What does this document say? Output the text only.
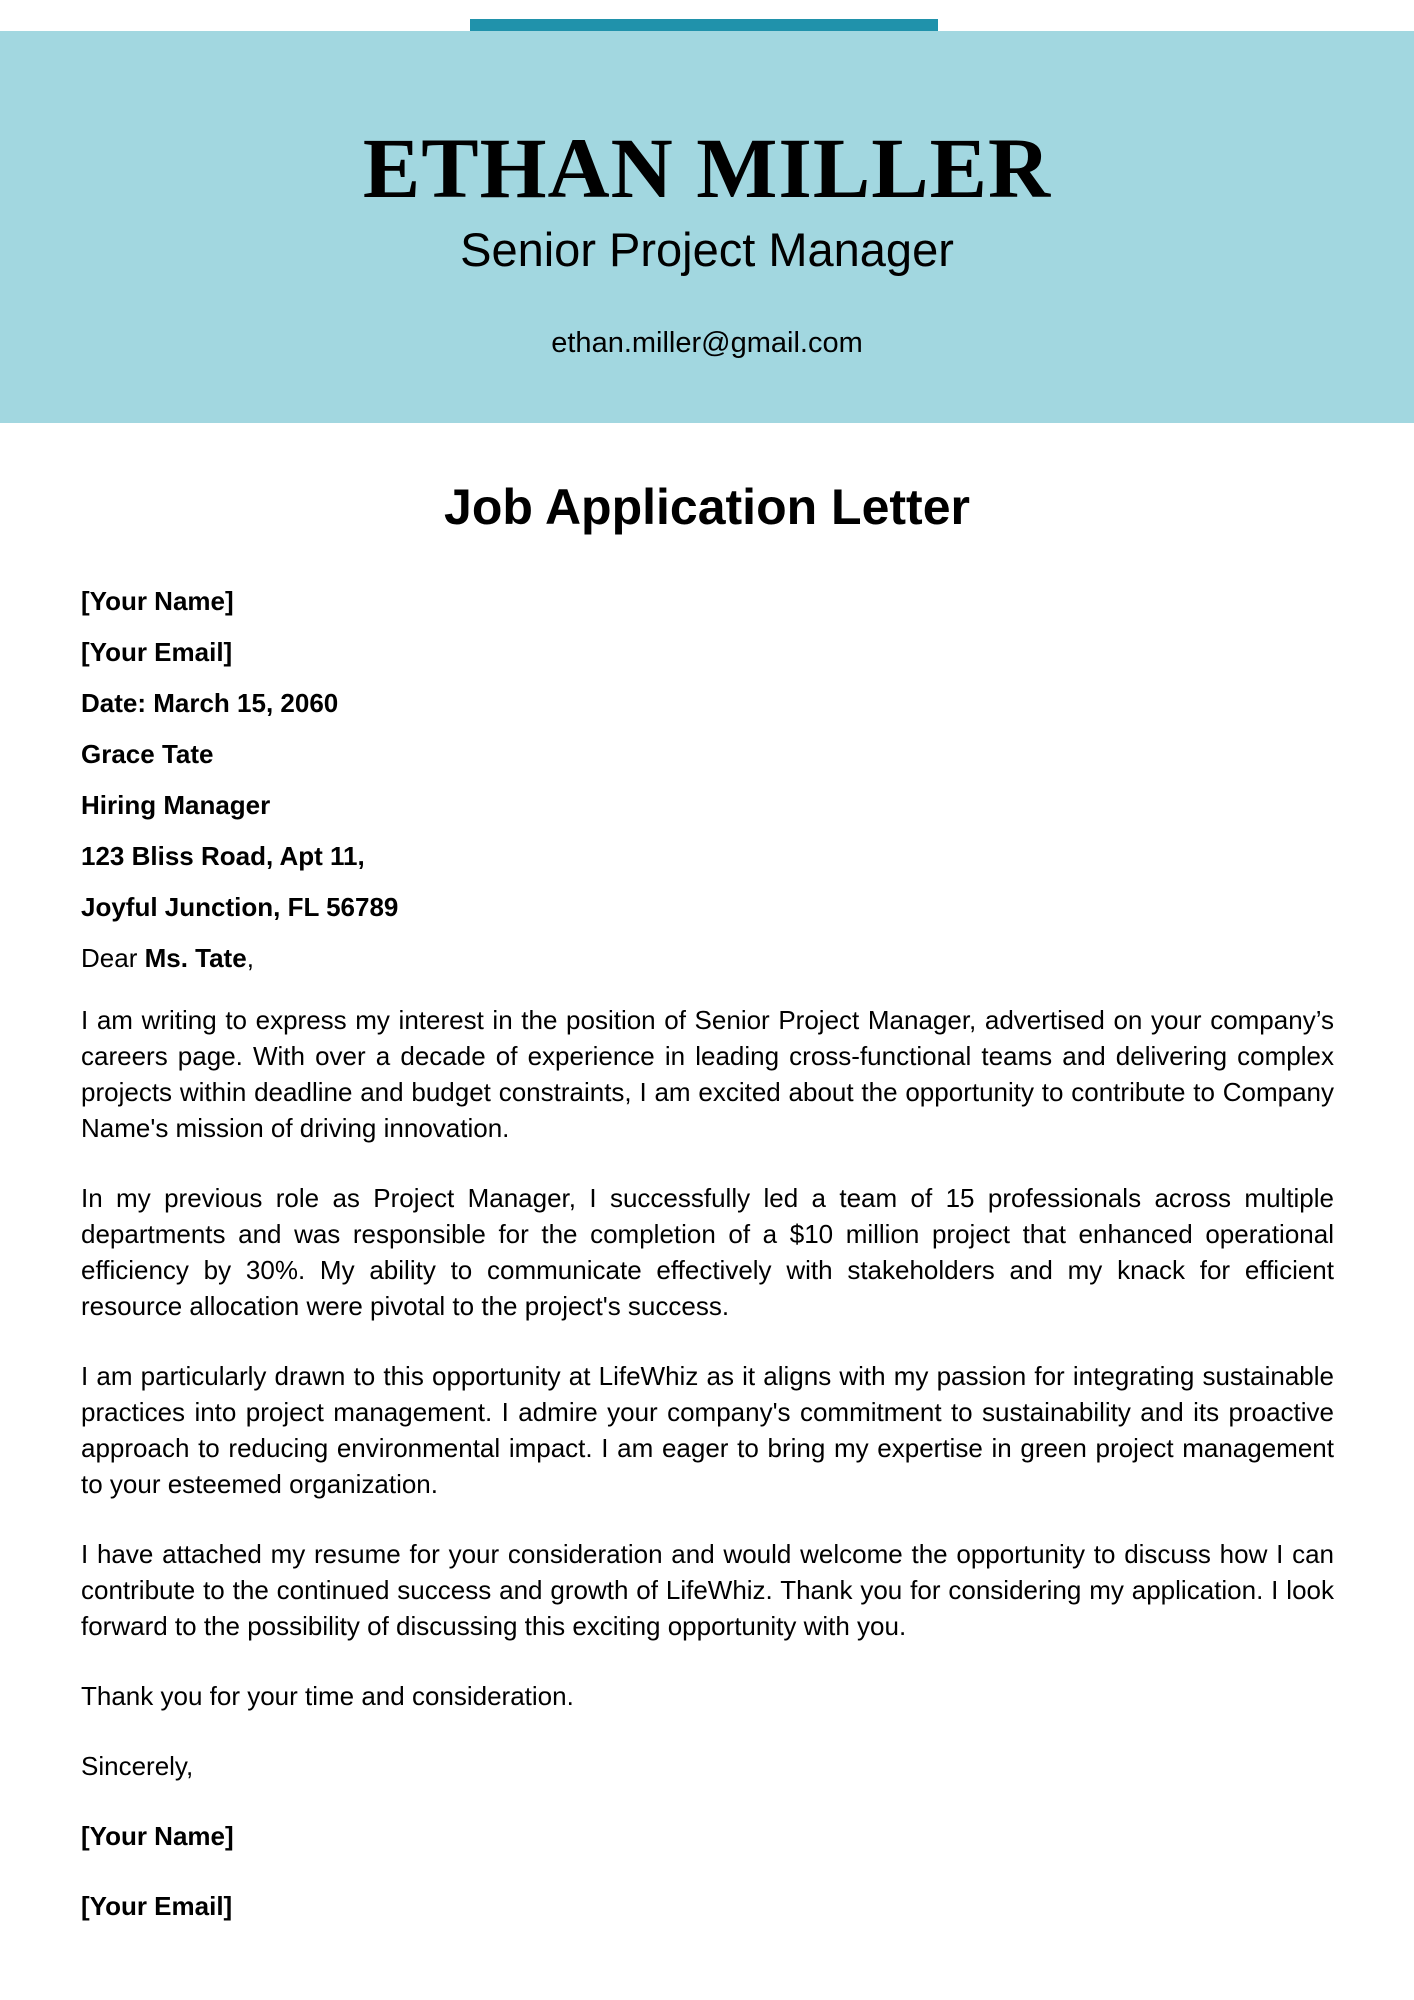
ETHAN MILLER
Senior Project Manager
ethan.miller@gmail.com
Job Application Letter
[Your Name]
[Your Email]
Date: March 15, 2060
Grace Tate
Hiring Manager
123 Bliss Road, Apt 11,
Joyful Junction, FL 56789
Dear Ms. Tate,

I am writing to express my interest in the position of Senior Project Manager, advertised on your company’s careers page. With over a decade of experience in leading cross-functional teams and delivering complex projects within deadline and budget constraints, I am excited about the opportunity to contribute to Company Name's mission of driving innovation.

In my previous role as Project Manager, I successfully led a team of 15 professionals across multiple departments and was responsible for the completion of a $10 million project that enhanced operational efficiency by 30%. My ability to communicate effectively with stakeholders and my knack for efficient resource allocation were pivotal to the project's success.

I am particularly drawn to this opportunity at LifeWhiz as it aligns with my passion for integrating sustainable practices into project management. I admire your company's commitment to sustainability and its proactive approach to reducing environmental impact. I am eager to bring my expertise in green project management to your esteemed organization.

I have attached my resume for your consideration and would welcome the opportunity to discuss how I can contribute to the continued success and growth of LifeWhiz. Thank you for considering my application. I look forward to the possibility of discussing this exciting opportunity with you.

Thank you for your time and consideration.
Sincerely,
[Your Name]
[Your Email]
